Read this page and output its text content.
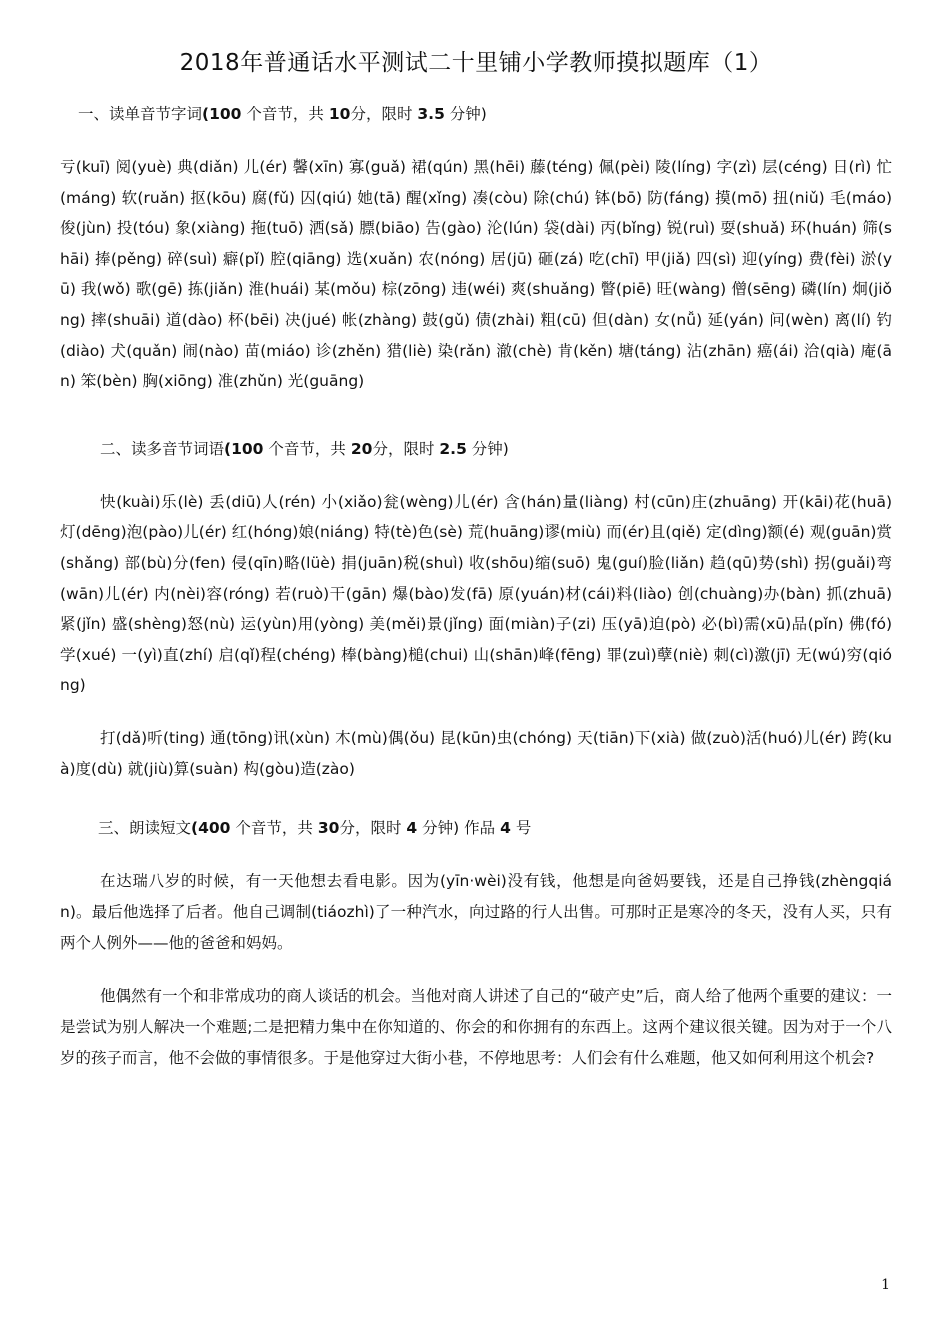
2018年普通话水平测试二十里铺小学教师摸拟题库（1）

一、读单音节字词(100 个音节，共 10分，限时 3.5 分钟)

亏(kuī) 阅(yuè) 典(diǎn) 儿(ér) 馨(xīn) 寡(guǎ) 裙(qún) 黑(hēi) 藤(téng) 佩(pèi) 陵(líng) 字(zì) 层(céng) 日(rì) 忙(máng) 软(ruǎn) 抠(kōu) 腐(fǔ) 囚(qiú) 她(tā) 醒(xǐng) 凑(còu) 除(chú) 钵(bō) 防(fáng) 摸(mō) 扭(niǔ) 毛(máo) 俊(jùn) 投(tóu) 象(xiàng) 拖(tuō) 洒(sǎ) 膘(biāo) 告(gào) 沦(lún) 袋(dài) 丙(bǐng) 锐(ruì) 耍(shuǎ) 环(huán) 筛(shāi) 捧(pěng) 碎(suì) 癖(pǐ) 腔(qiāng) 选(xuǎn) 农(nóng) 居(jū) 砸(zá) 吃(chī) 甲(jiǎ) 四(sì) 迎(yíng) 费(fèi) 淤(yū) 我(wǒ) 歌(gē) 拣(jiǎn) 淮(huái) 某(mǒu) 棕(zōng) 违(wéi) 爽(shuǎng) 瞥(piē) 旺(wàng) 僧(sēng) 磷(lín) 炯(jiǒng) 摔(shuāi) 道(dào) 杯(bēi) 决(jué) 帐(zhàng) 鼓(gǔ) 债(zhài) 粗(cū) 但(dàn) 女(nǚ) 延(yán) 问(wèn) 离(lí) 钓(diào) 犬(quǎn) 闹(nào) 苗(miáo) 诊(zhěn) 猎(liè) 染(rǎn) 澈(chè) 肯(kěn) 塘(táng) 沾(zhān) 癌(ái) 洽(qià) 庵(ān) 笨(bèn) 胸(xiōng) 准(zhǔn) 光(guāng)

二、读多音节词语(100 个音节，共 20分，限时 2.5 分钟)

快(kuài)乐(lè) 丢(diū)人(rén) 小(xiǎo)瓮(wèng)儿(ér) 含(hán)量(liàng) 村(cūn)庄(zhuāng) 开(kāi)花(huā) 灯(dēng)泡(pào)儿(ér) 红(hóng)娘(niáng) 特(tè)色(sè) 荒(huāng)谬(miù) 而(ér)且(qiě) 定(dìng)额(é) 观(guān)赏(shǎng) 部(bù)分(fen) 侵(qīn)略(lüè) 捐(juān)税(shuì) 收(shōu)缩(suō) 鬼(guí)脸(liǎn) 趋(qū)势(shì) 拐(guǎi)弯(wān)儿(ér) 内(nèi)容(róng) 若(ruò)干(gān) 爆(bào)发(fā) 原(yuán)材(cái)料(liào) 创(chuàng)办(bàn) 抓(zhuā)紧(jǐn) 盛(shèng)怒(nù) 运(yùn)用(yòng) 美(měi)景(jǐng) 面(miàn)子(zi) 压(yā)迫(pò) 必(bì)需(xū)品(pǐn) 佛(fó)学(xué) 一(yì)直(zhí) 启(qǐ)程(chéng) 棒(bàng)槌(chui) 山(shān)峰(fēng) 罪(zuì)孽(niè) 刺(cì)激(jī) 无(wú)穷(qióng)

打(dǎ)听(ting) 通(tōng)讯(xùn) 木(mù)偶(ǒu) 昆(kūn)虫(chóng) 天(tiān)下(xià) 做(zuò)活(huó)儿(ér) 跨(kuà)度(dù) 就(jiù)算(suàn) 构(gòu)造(zào)

三、朗读短文(400 个音节，共 30分，限时 4 分钟) 作品 4 号

在达瑞八岁的时候，有一天他想去看电影。因为(yīn·wèi)没有钱，他想是向爸妈要钱，还是自己挣钱(zhèngqián)。最后他选择了后者。他自己调制(tiáozhì)了一种汽水，向过路的行人出售。可那时正是寒冷的冬天，没有人买，只有两个人例外——他的爸爸和妈妈。

他偶然有一个和非常成功的商人谈话的机会。当他对商人讲述了自己的“破产史”后，商人给了他两个重要的建议：一是尝试为别人解决一个难题;二是把精力集中在你知道的、你会的和你拥有的东西上。这两个建议很关键。因为对于一个八岁的孩子而言，他不会做的事情很多。于是他穿过大街小巷，不停地思考：人们会有什么难题，他又如何利用这个机会?

1
